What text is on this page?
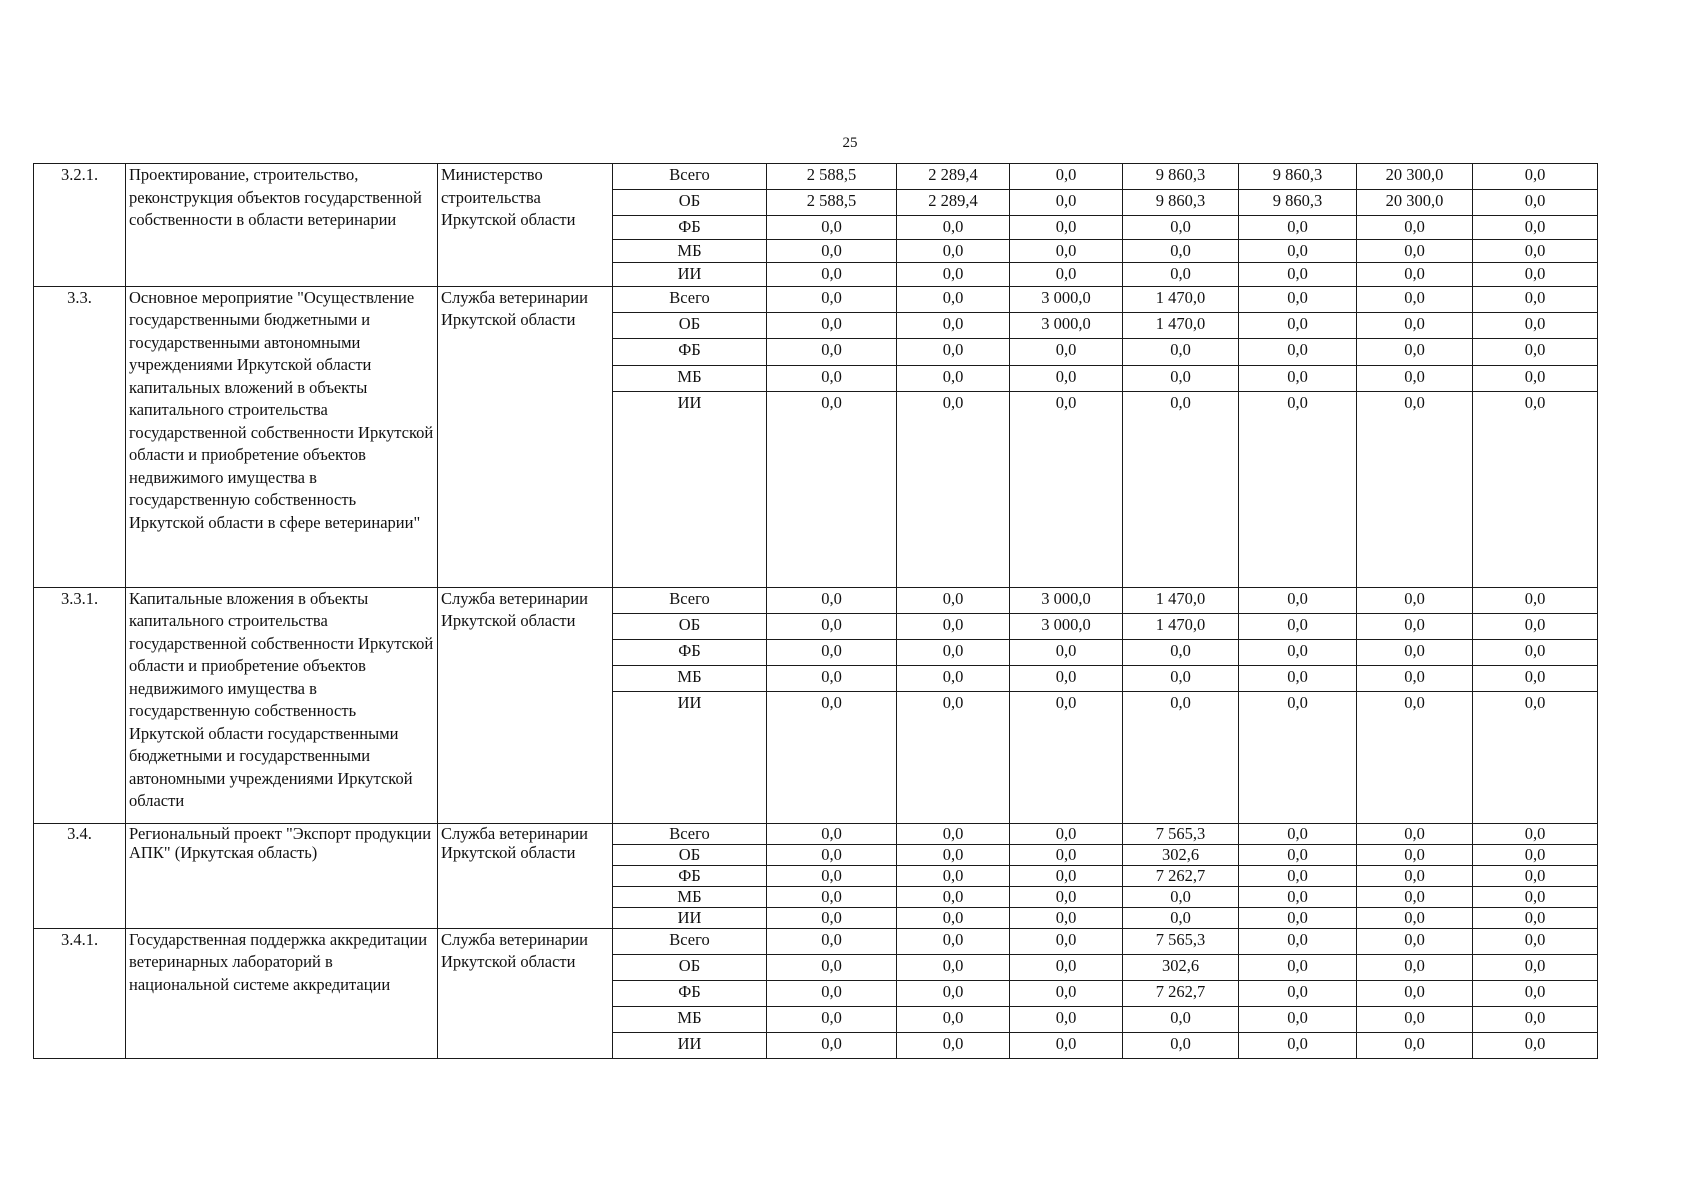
25
3.2.1.	Проектирование, строительство, реконструкция объектов государственной собственности в области ветеринарии	Министерство строительства Иркутской области	Всего	2 588,5	2 289,4	0,0	9 860,3	9 860,3	20 300,0	0,0
			ОБ	2 588,5	2 289,4	0,0	9 860,3	9 860,3	20 300,0	0,0
			ФБ	0,0	0,0	0,0	0,0	0,0	0,0	0,0
			МБ	0,0	0,0	0,0	0,0	0,0	0,0	0,0
			ИИ	0,0	0,0	0,0	0,0	0,0	0,0	0,0
3.3.	Основное мероприятие "Осуществление государственными бюджетными и государственными автономными учреждениями Иркутской области капитальных вложений в объекты капитального строительства государственной собственности Иркутской области и приобретение объектов недвижимого имущества в государственную собственность Иркутской области в сфере ветеринарии"	Служба ветеринарии Иркутской области	Всего	0,0	0,0	3 000,0	1 470,0	0,0	0,0	0,0
			ОБ	0,0	0,0	3 000,0	1 470,0	0,0	0,0	0,0
			ФБ	0,0	0,0	0,0	0,0	0,0	0,0	0,0
			МБ	0,0	0,0	0,0	0,0	0,0	0,0	0,0
			ИИ	0,0	0,0	0,0	0,0	0,0	0,0	0,0
3.3.1.	Капитальные вложения в объекты капитального строительства государственной собственности Иркутской области и приобретение объектов недвижимого имущества в государственную собственность Иркутской области государственными бюджетными и государственными автономными учреждениями Иркутской области	Служба ветеринарии Иркутской области	Всего	0,0	0,0	3 000,0	1 470,0	0,0	0,0	0,0
			ОБ	0,0	0,0	3 000,0	1 470,0	0,0	0,0	0,0
			ФБ	0,0	0,0	0,0	0,0	0,0	0,0	0,0
			МБ	0,0	0,0	0,0	0,0	0,0	0,0	0,0
			ИИ	0,0	0,0	0,0	0,0	0,0	0,0	0,0
3.4.	Региональный проект "Экспорт продукции АПК" (Иркутская область)	Служба ветеринарии Иркутской области	Всего	0,0	0,0	0,0	7 565,3	0,0	0,0	0,0
			ОБ	0,0	0,0	0,0	302,6	0,0	0,0	0,0
			ФБ	0,0	0,0	0,0	7 262,7	0,0	0,0	0,0
			МБ	0,0	0,0	0,0	0,0	0,0	0,0	0,0
			ИИ	0,0	0,0	0,0	0,0	0,0	0,0	0,0
3.4.1.	Государственная поддержка аккредитации ветеринарных лабораторий в национальной системе аккредитации	Служба ветеринарии Иркутской области	Всего	0,0	0,0	0,0	7 565,3	0,0	0,0	0,0
			ОБ	0,0	0,0	0,0	302,6	0,0	0,0	0,0
			ФБ	0,0	0,0	0,0	7 262,7	0,0	0,0	0,0
			МБ	0,0	0,0	0,0	0,0	0,0	0,0	0,0
			ИИ	0,0	0,0	0,0	0,0	0,0	0,0	0,0
